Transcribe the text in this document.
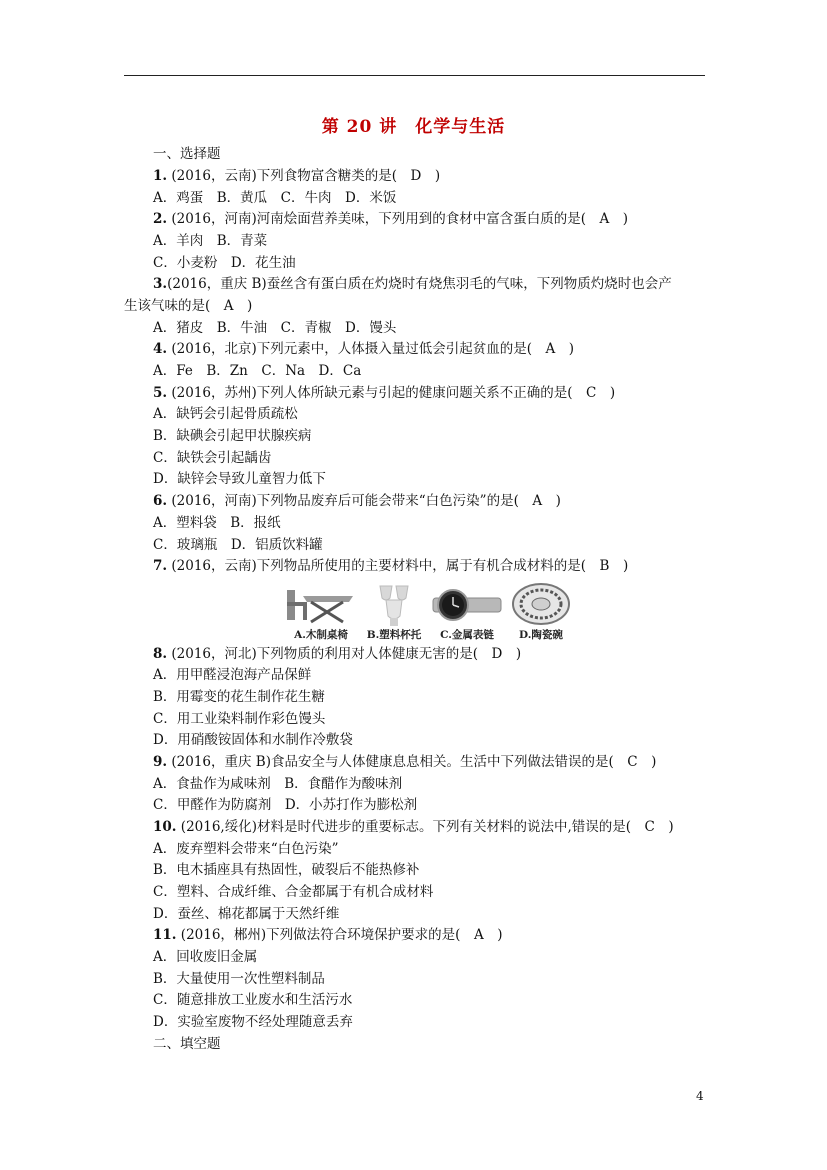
第 20 讲　化学与生活
一、选择题
1. (2016，云南)下列食物富含糖类的是(　D　)
A．鸡蛋　B．黄瓜　C．牛肉　D．米饭
2. (2016，河南)河南烩面营养美味，下列用到的食材中富含蛋白质的是(　A　)
A．羊肉　B．青菜
C．小麦粉　D．花生油
3.(2016，重庆 B)蚕丝含有蛋白质在灼烧时有烧焦羽毛的气味，下列物质灼烧时也会产
生该气味的是(　A　)
A．猪皮　B．牛油　C．青椒　D．馒头
4. (2016，北京)下列元素中，人体摄入量过低会引起贫血的是(　A　)
A．Fe　B．Zn　C．Na　D．Ca
5. (2016，苏州)下列人体所缺元素与引起的健康问题关系不正确的是(　C　)
A．缺钙会引起骨质疏松
B．缺碘会引起甲状腺疾病
C．缺铁会引起龋齿
D．缺锌会导致儿童智力低下
6. (2016，河南)下列物品废弃后可能会带来“白色污染”的是(　A　)
A．塑料袋　B．报纸
C．玻璃瓶　D．铝质饮料罐
7. (2016，云南)下列物品所使用的主要材料中，属于有机合成材料的是(　B　)
A.木制桌椅	B.塑料杯托	C.金属表链	D.陶瓷碗
8. (2016，河北)下列物质的利用对人体健康无害的是(　D　)
A．用甲醛浸泡海产品保鲜
B．用霉变的花生制作花生糖
C．用工业染料制作彩色馒头
D．用硝酸铵固体和水制作冷敷袋
9. (2016，重庆 B)食品安全与人体健康息息相关。生活中下列做法错误的是(　C　)
A．食盐作为咸味剂　B．食醋作为酸味剂
C．甲醛作为防腐剂　D．小苏打作为膨松剂
10. (2016,绥化)材料是时代进步的重要标志。下列有关材料的说法中,错误的是(　C　)
A．废弃塑料会带来“白色污染”
B．电木插座具有热固性，破裂后不能热修补
C．塑料、合成纤维、合金都属于有机合成材料
D．蚕丝、棉花都属于天然纤维
11. (2016，郴州)下列做法符合环境保护要求的是(　A　)
A．回收废旧金属
B．大量使用一次性塑料制品
C．随意排放工业废水和生活污水
D．实验室废物不经处理随意丢弃
二、填空题
4
